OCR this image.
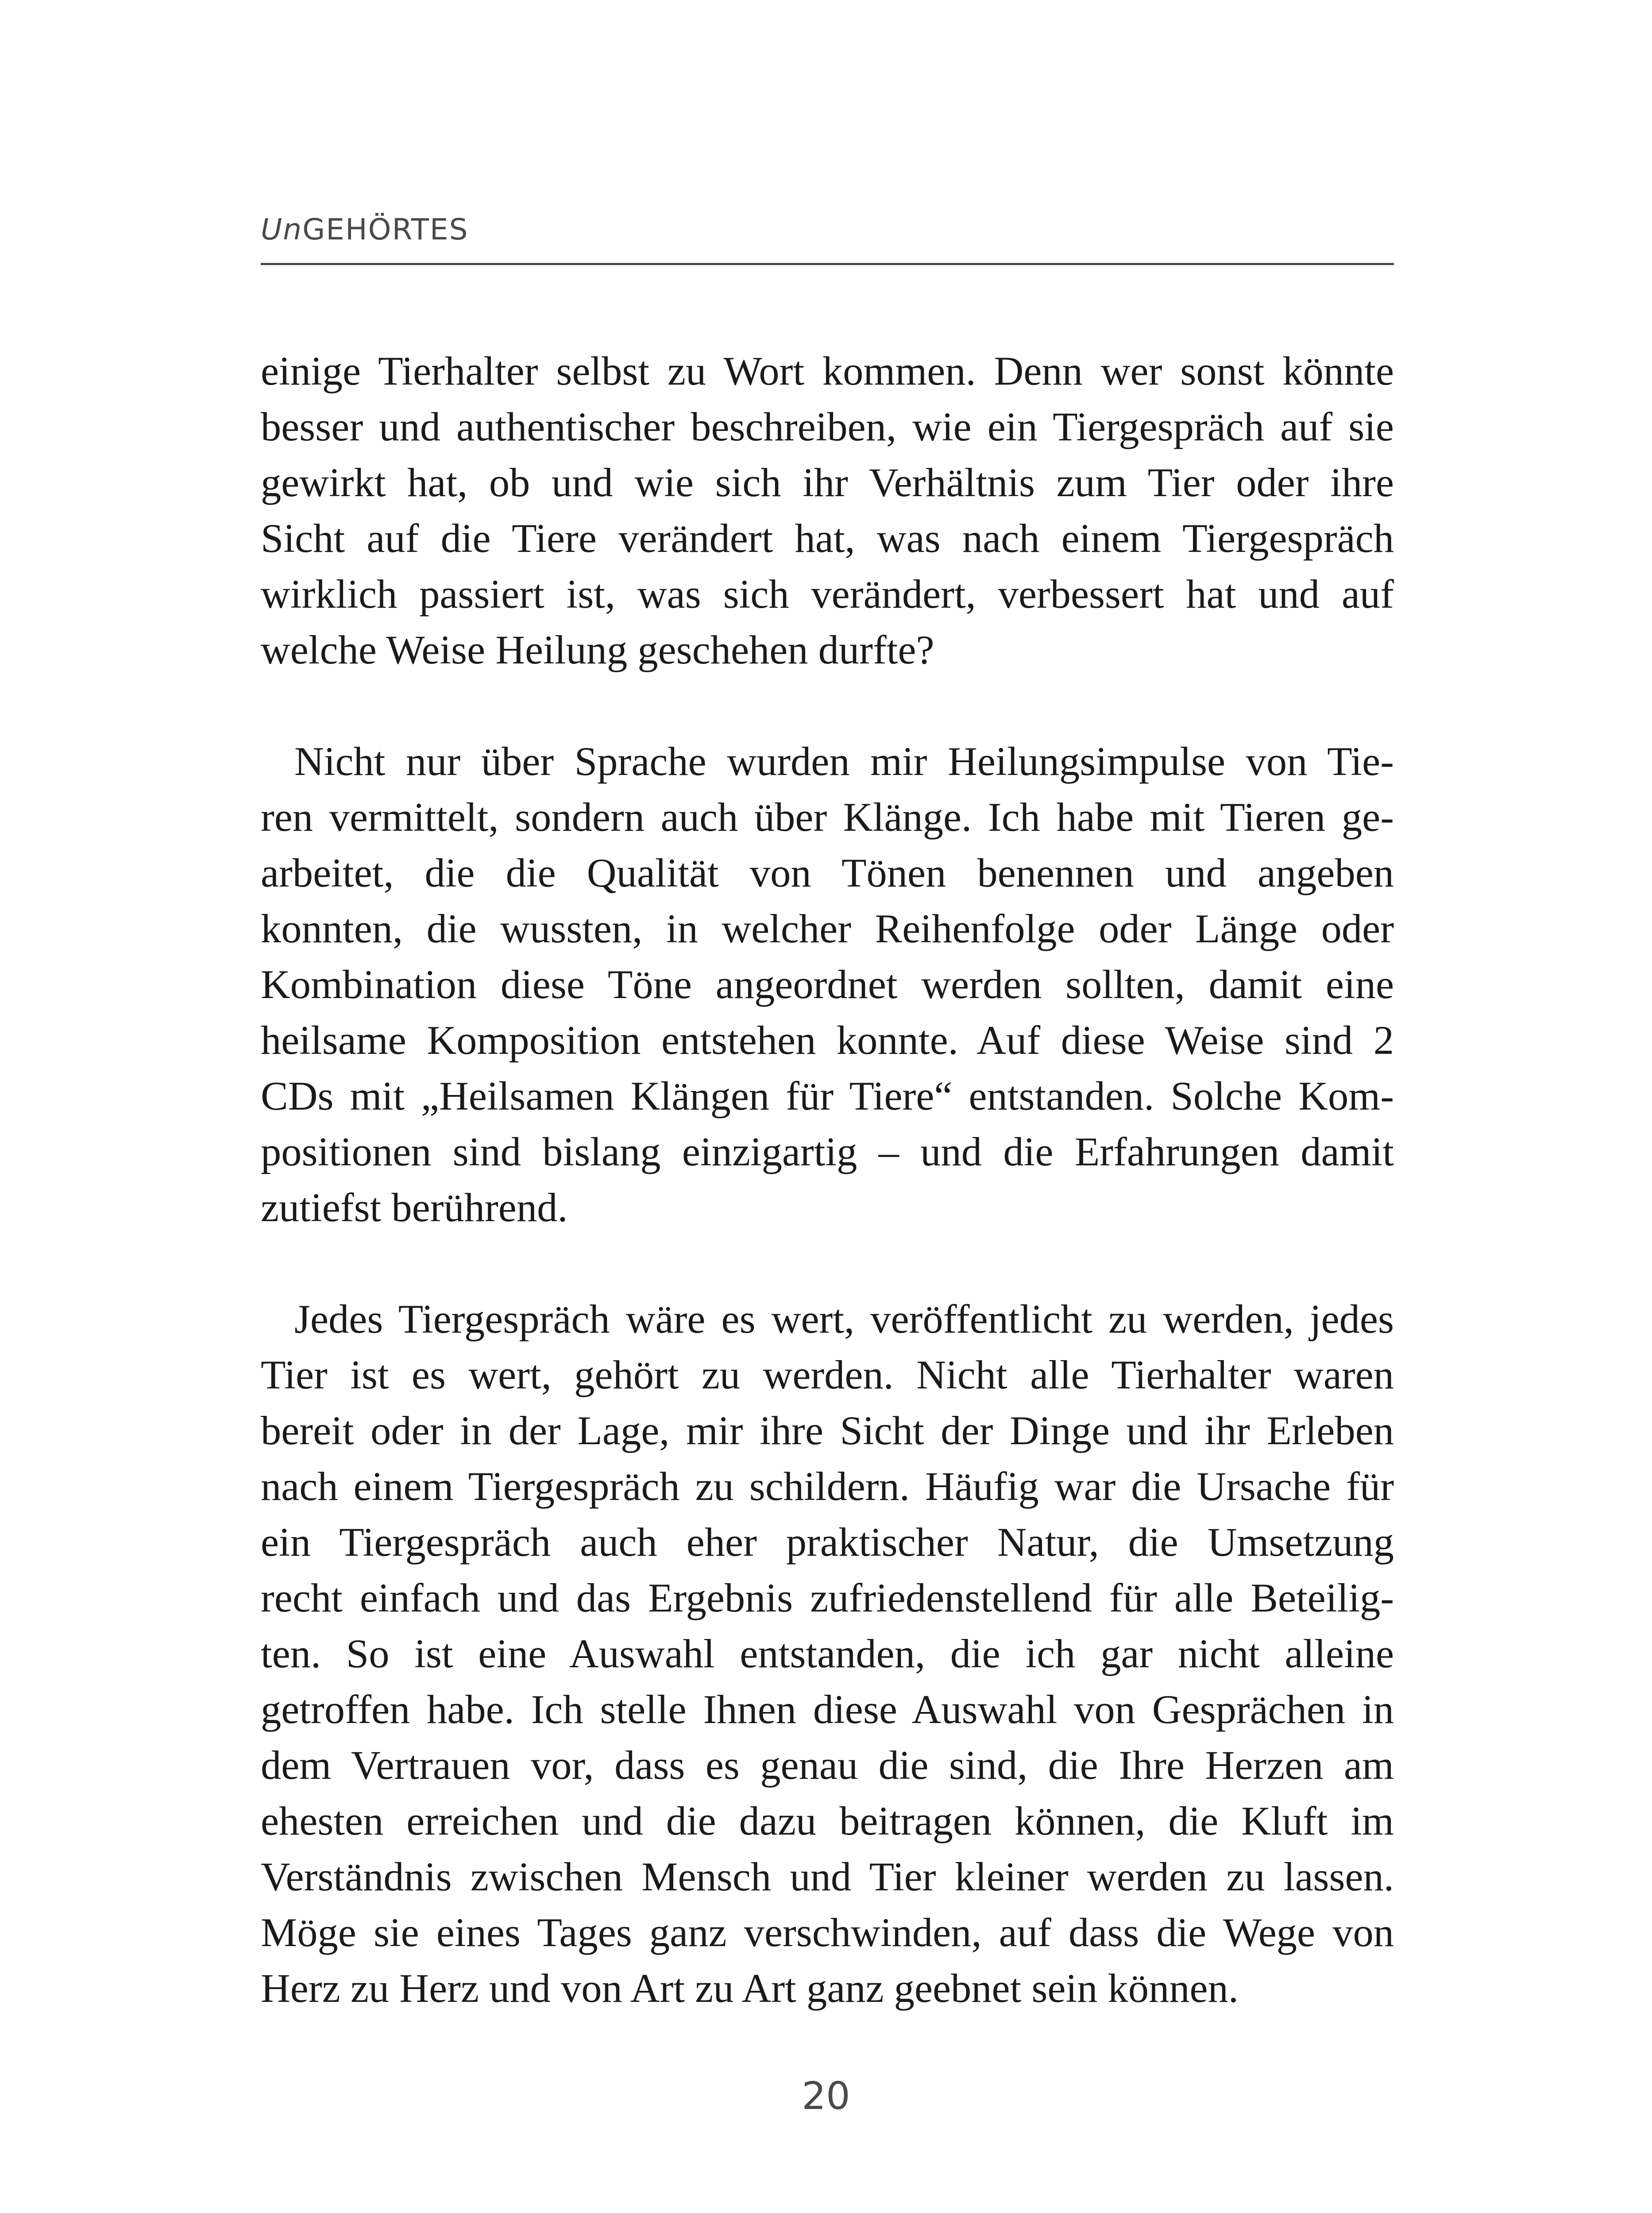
UnGEHÖRTES
einige Tierhalter selbst zu Wort kommen. Denn wer sonst könnte
besser und authentischer beschreiben, wie ein Tiergespräch auf sie
gewirkt hat, ob und wie sich ihr Verhältnis zum Tier oder ihre
Sicht auf die Tiere verändert hat, was nach einem Tiergespräch
wirklich passiert ist, was sich verändert, verbessert hat und auf
welche Weise Heilung geschehen durfte?
Nicht nur über Sprache wurden mir Heilungsimpulse von Tie-
ren vermittelt, sondern auch über Klänge. Ich habe mit Tieren ge-
arbeitet, die die Qualität von Tönen benennen und angeben
konnten, die wussten, in welcher Reihenfolge oder Länge oder
Kombination diese Töne angeordnet werden sollten, damit eine
heilsame Komposition entstehen konnte. Auf diese Weise sind 2
CDs mit „Heilsamen Klängen für Tiere“ entstanden. Solche Kom-
positionen sind bislang einzigartig – und die Erfahrungen damit
zutiefst berührend.
Jedes Tiergespräch wäre es wert, veröffentlicht zu werden, jedes
Tier ist es wert, gehört zu werden. Nicht alle Tierhalter waren
bereit oder in der Lage, mir ihre Sicht der Dinge und ihr Erleben
nach einem Tiergespräch zu schildern. Häufig war die Ursache für
ein Tiergespräch auch eher praktischer Natur, die Umsetzung
recht einfach und das Ergebnis zufriedenstellend für alle Beteilig-
ten. So ist eine Auswahl entstanden, die ich gar nicht alleine
getroffen habe. Ich stelle Ihnen diese Auswahl von Gesprächen in
dem Vertrauen vor, dass es genau die sind, die Ihre Herzen am
ehesten erreichen und die dazu beitragen können, die Kluft im
Verständnis zwischen Mensch und Tier kleiner werden zu lassen.
Möge sie eines Tages ganz verschwinden, auf dass die Wege von
Herz zu Herz und von Art zu Art ganz geebnet sein können.
20
